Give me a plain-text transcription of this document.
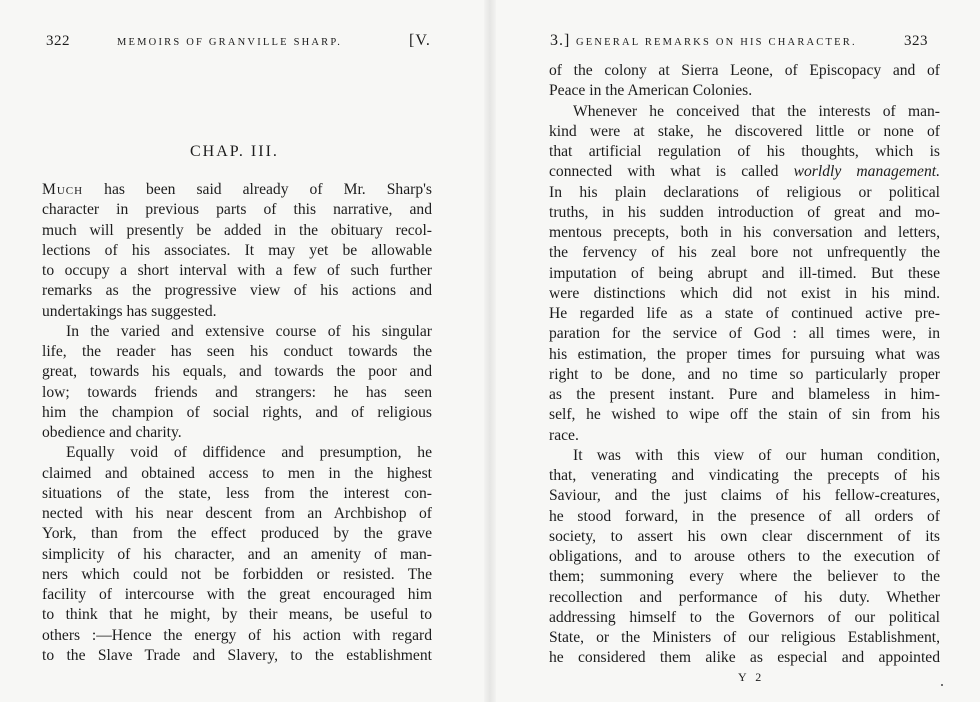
322	MEMOIRS OF GRANVILLE SHARP.	[V.
CHAP. III.
Much has been said already of Mr. Sharp's
character in previous parts of this narrative, and
much will presently be added in the obituary recol-
lections of his associates. It may yet be allowable
to occupy a short interval with a few of such further
remarks as the progressive view of his actions and
undertakings has suggested.
In the varied and extensive course of his singular
life, the reader has seen his conduct towards the
great, towards his equals, and towards the poor and
low; towards friends and strangers: he has seen
him the champion of social rights, and of religious
obedience and charity.
Equally void of diffidence and presumption, he
claimed and obtained access to men in the highest
situations of the state, less from the interest con-
nected with his near descent from an Archbishop of
York, than from the effect produced by the grave
simplicity of his character, and an amenity of man-
ners which could not be forbidden or resisted. The
facility of intercourse with the great encouraged him
to think that he might, by their means, be useful to
others :—Hence the energy of his action with regard
to the Slave Trade and Slavery, to the establishment
3.] GENERAL REMARKS ON HIS CHARACTER.	323
of the colony at Sierra Leone, of Episcopacy and of
Peace in the American Colonies.
Whenever he conceived that the interests of man-
kind were at stake, he discovered little or none of
that artificial regulation of his thoughts, which is
connected with what is called worldly management.
In his plain declarations of religious or political
truths, in his sudden introduction of great and mo-
mentous precepts, both in his conversation and letters,
the fervency of his zeal bore not unfrequently the
imputation of being abrupt and ill-timed. But these
were distinctions which did not exist in his mind.
He regarded life as a state of continued active pre-
paration for the service of God : all times were, in
his estimation, the proper times for pursuing what was
right to be done, and no time so particularly proper
as the present instant. Pure and blameless in him-
self, he wished to wipe off the stain of sin from his
race.
It was with this view of our human condition,
that, venerating and vindicating the precepts of his
Saviour, and the just claims of his fellow-creatures,
he stood forward, in the presence of all orders of
society, to assert his own clear discernment of its
obligations, and to arouse others to the execution of
them; summoning every where the believer to the
recollection and performance of his duty. Whether
addressing himself to the Governors of our political
State, or the Ministers of our religious Establishment,
he considered them alike as especial and appointed
Y 2
